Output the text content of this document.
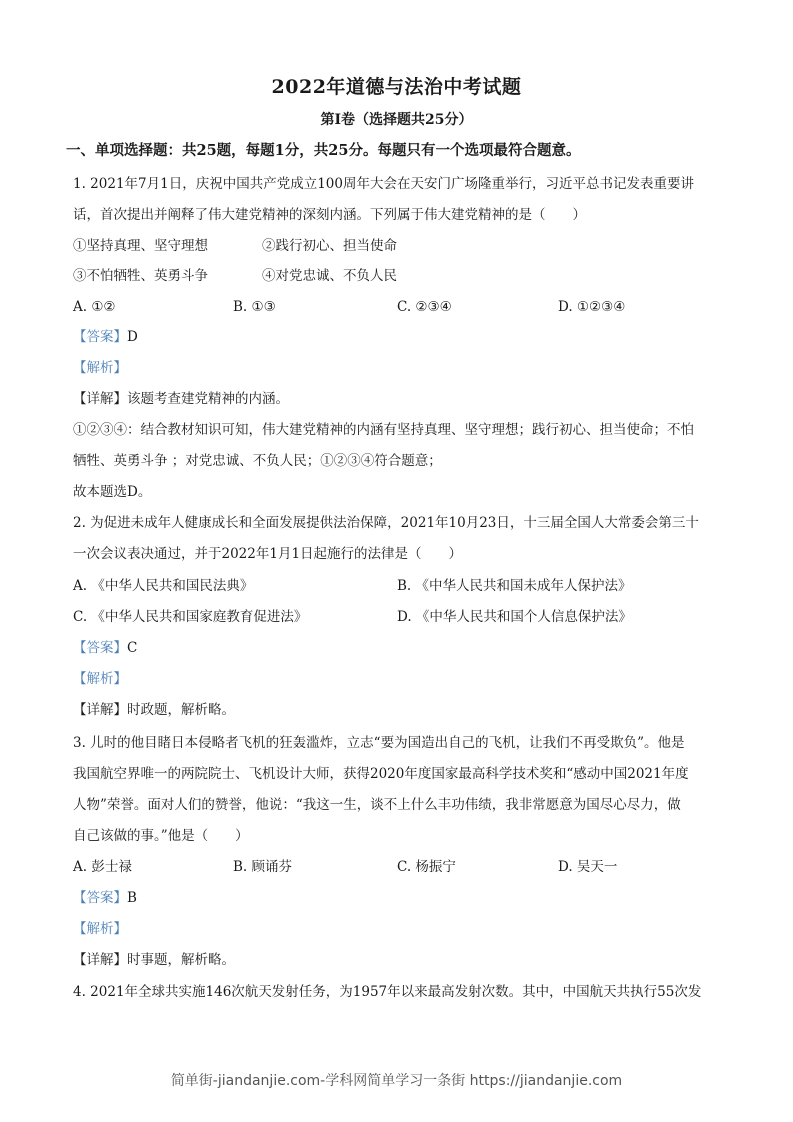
2022年道德与法治中考试题
第I卷（选择题共25分）
一、单项选择题：共25题，每题1分，共25分。每题只有一个选项最符合题意。
1. 2021年7月1日，庆祝中国共产党成立100周年大会在天安门广场隆重举行，习近平总书记发表重要讲
话，首次提出并阐释了伟大建党精神的深刻内涵。下列属于伟大建党精神的是（　　）
①坚持真理、坚守理想	②践行初心、担当使命
③不怕牺牲、英勇斗争	④对党忠诚、不负人民
A. ①②	B. ①③	C. ②③④	D. ①②③④
【答案】D
【解析】
【详解】该题考查建党精神的内涵。
①②③④：结合教材知识可知，伟大建党精神的内涵有坚持真理、坚守理想；践行初心、担当使命；不怕
牺牲、英勇斗争 ；对党忠诚、不负人民；①②③④符合题意；
故本题选D。
2. 为促进未成年人健康成长和全面发展提供法治保障，2021年10月23日，十三届全国人大常委会第三十
一次会议表决通过，并于2022年1月1日起施行的法律是（　　）
A. 《中华人民共和国民法典》	B. 《中华人民共和国未成年人保护法》
C. 《中华人民共和国家庭教育促进法》	D. 《中华人民共和国个人信息保护法》
【答案】C
【解析】
【详解】时政题，解析略。
3. 儿时的他目睹日本侵略者飞机的狂轰滥炸，立志“要为国造出自己的飞机，让我们不再受欺负”。他是
我国航空界唯一的两院院士、飞机设计大师，获得2020年度国家最高科学技术奖和“感动中国2021年度
人物”荣誉。面对人们的赞誉，他说：“我这一生，谈不上什么丰功伟绩，我非常愿意为国尽心尽力，做
自己该做的事。”他是（　　）
A. 彭士禄	B. 顾诵芬	C. 杨振宁	D. 吴天一
【答案】B
【解析】
【详解】时事题，解析略。
4. 2021年全球共实施146次航天发射任务，为1957年以来最高发射次数。其中，中国航天共执行55次发
简单街-jiandanjie.com-学科网简单学习一条街 https://jiandanjie.com
